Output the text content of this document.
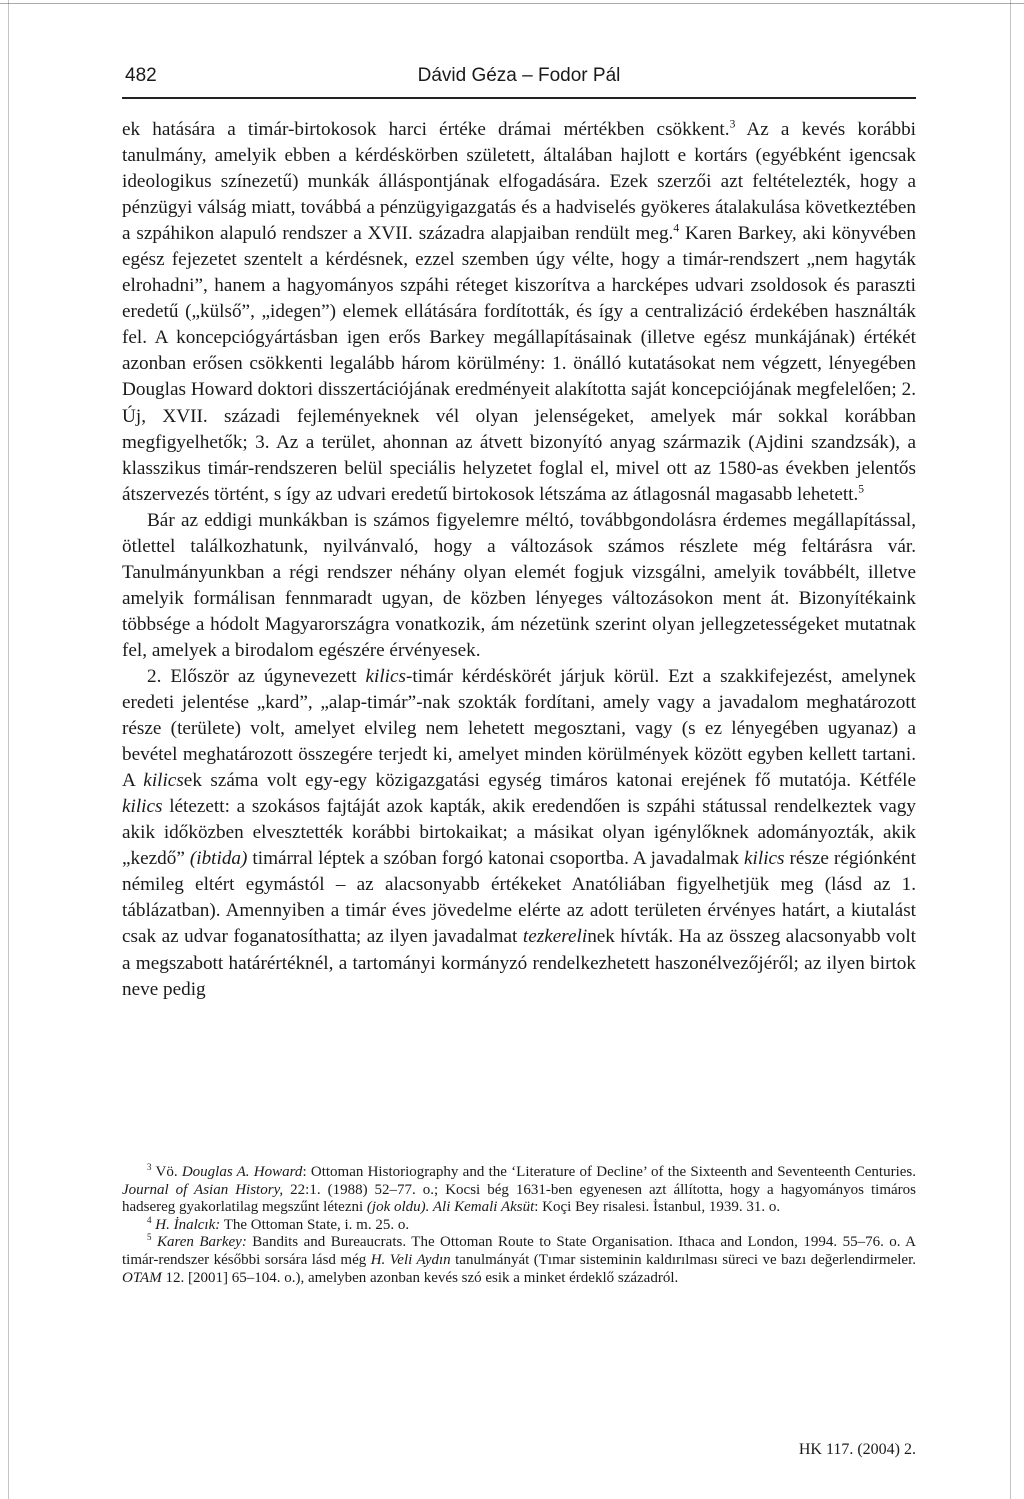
482	Dávid Géza – Fodor Pál

ek hatására a timár-birtokosok harci értéke drámai mértékben csökkent.$^3$ Az a kevés korábbi tanulmány, amelyik ebben a kérdéskörben született, általában hajlott e kortárs (egyébként igencsak ideologikus színezetű) munkák álláspontjának elfogadására. Ezek szerzői azt feltételezték, hogy a pénzügyi válság miatt, továbbá a pénzügyigazgatás és a hadviselés gyökeres átalakulása következtében a szpáhikon alapuló rendszer a XVII. századra alapjaiban rendült meg.$^4$ Karen Barkey, aki könyvében egész fejezetet szentelt a kérdésnek, ezzel szemben úgy vélte, hogy a timár-rendszert „nem hagyták elrohadni”, hanem a hagyományos szpáhi réteget kiszorítva a harcképes udvari zsoldosok és paraszti eredetű („külső”, „idegen”) elemek ellátására fordították, és így a centralizáció érdekében használták fel. A koncepciógyártásban igen erős Barkey megállapításainak (illetve egész munkájának) értékét azonban erősen csökkenti legalább három körülmény: 1. önálló kutatásokat nem végzett, lényegében Douglas Howard doktori disszertációjának eredményeit alakította saját koncepciójának megfelelően; 2. Új, XVII. századi fejleményeknek vél olyan jelenségeket, amelyek már sokkal korábban megfigyelhetők; 3. Az a terület, ahonnan az átvett bizonyító anyag származik (Ajdini szandzsák), a klasszikus timár-rendszeren belül speciális helyzetet foglal el, mivel ott az 1580-as években jelentős átszervezés történt, s így az udvari eredetű birtokosok létszáma az átlagosnál magasabb lehetett.$^5$

Bár az eddigi munkákban is számos figyelemre méltó, továbbgondolásra érdemes megállapítással, ötlettel találkozhatunk, nyilvánvaló, hogy a változások számos részlete még feltárásra vár. Tanulmányunkban a régi rendszer néhány olyan elemét fogjuk vizsgálni, amelyik továbbélt, illetve amelyik formálisan fennmaradt ugyan, de közben lényeges változásokon ment át. Bizonyítékaink többsége a hódolt Magyarországra vonatkozik, ám nézetünk szerint olyan jellegzetességeket mutatnak fel, amelyek a birodalom egészére érvényesek.

2. Először az úgynevezett kilics-timár kérdéskörét járjuk körül. Ezt a szakkifejezést, amelynek eredeti jelentése „kard”, „alap-timár”-nak szokták fordítani, amely vagy a javadalom meghatározott része (területe) volt, amelyet elvileg nem lehetett megosztani, vagy (s ez lényegében ugyanaz) a bevétel meghatározott összegére terjedt ki, amelyet minden körülmények között egyben kellett tartani. A kilicsek száma volt egy-egy közigazgatási egység timáros katonai erejének fő mutatója. Kétféle kilics létezett: a szokásos fajtáját azok kapták, akik eredendően is szpáhi státussal rendelkeztek vagy akik időközben elvesztették korábbi birtokaikat; a másikat olyan igénylőknek adományozták, akik „kezdő” (ibtida) timárral léptek a szóban forgó katonai csoportba. A javadalmak kilics része régiónként némileg eltért egymástól – az alacsonyabb értékeket Anatóliában figyelhetjük meg (lásd az 1. táblázatban). Amennyiben a timár éves jövedelme elérte az adott területen érvényes határt, a kiutalást csak az udvar foganatosíthatta; az ilyen javadalmat tezkerelinek hívták. Ha az összeg alacsonyabb volt a megszabott határértéknél, a tartományi kormányzó rendelkezhetett haszonélvezőjéről; az ilyen birtok neve pedig

$^3$ Vö. Douglas A. Howard: Ottoman Historiography and the ‘Literature of Decline’ of the Sixteenth and Seventeenth Centuries. Journal of Asian History, 22:1. (1988) 52–77. o.; Kocsi bég 1631-ben egyenesen azt állította, hogy a hagyományos timáros hadsereg gyakorlatilag megszűnt létezni (jok oldu). Ali Kemali Aksüt: Koçi Bey risalesi. İstanbul, 1939. 31. o.

$^4$ H. İnalcık: The Ottoman State, i. m. 25. o.

$^5$ Karen Barkey: Bandits and Bureaucrats. The Ottoman Route to State Organisation. Ithaca and London, 1994. 55–76. o. A timár-rendszer későbbi sorsára lásd még H. Veli Aydın tanulmányát (Tımar sisteminin kaldırılması süreci ve bazı değerlendirmeler. OTAM 12. [2001] 65–104. o.), amelyben azonban kevés szó esik a minket érdeklő századról.

HK 117. (2004) 2.
